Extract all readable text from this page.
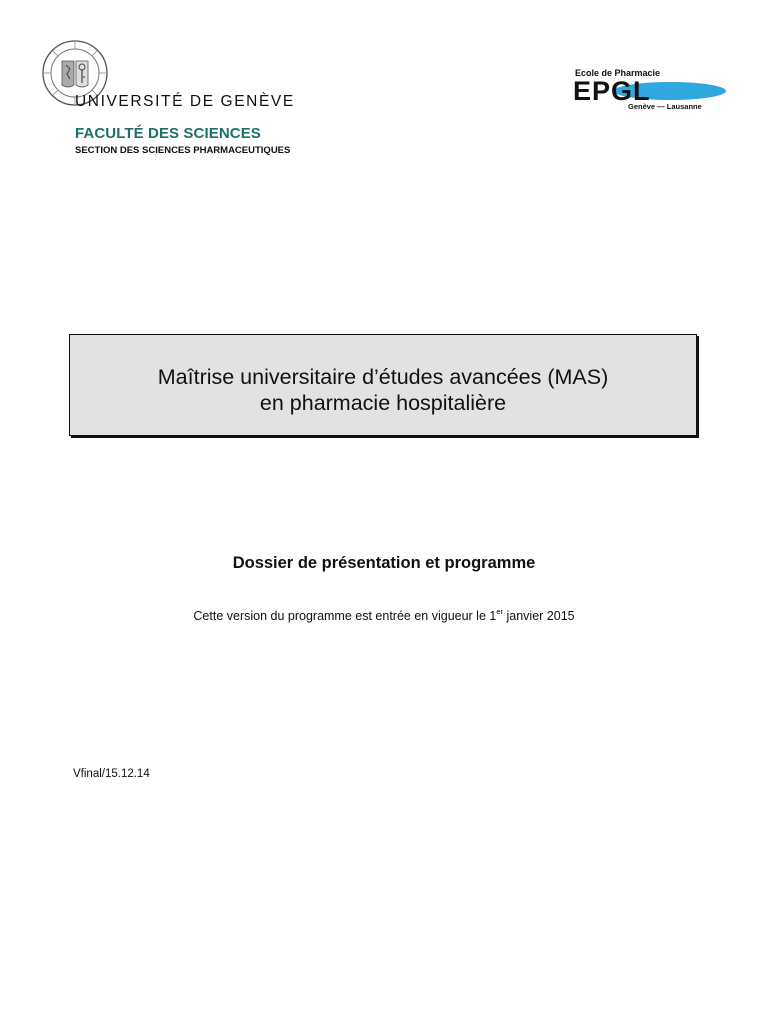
UNIVERSITÉ DE GENÈVE
FACULTÉ DES SCIENCES
SECTION DES SCIENCES PHARMACEUTIQUES
Ecole de Pharmacie
EPGL
Genève — Lausanne
Maîtrise universitaire d’études avancées (MAS)
en pharmacie hospitalière
Dossier de présentation et programme
Cette version du programme est entrée en vigueur le 1er janvier 2015
Vfinal/15.12.14
